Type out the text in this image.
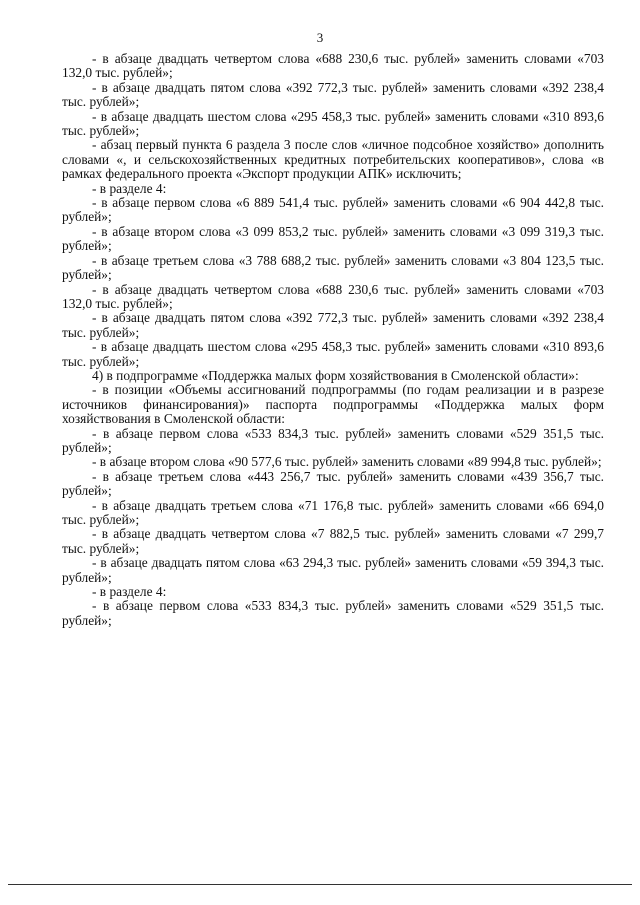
3

- в абзаце двадцать четвертом слова «688 230,6 тыс. рублей» заменить словами «703 132,0 тыс. рублей»;

- в абзаце двадцать пятом слова «392 772,3 тыс. рублей» заменить словами «392 238,4 тыс. рублей»;

- в абзаце двадцать шестом слова «295 458,3 тыс. рублей» заменить словами «310 893,6 тыс. рублей»;

- абзац первый пункта 6 раздела 3 после слов «личное подсобное хозяйство» дополнить словами «, и сельскохозяйственных кредитных потребительских кооперативов», слова «в рамках федерального проекта «Экспорт продукции АПК» исключить;

- в разделе 4:

- в абзаце первом слова «6 889 541,4 тыс. рублей» заменить словами «6 904 442,8 тыс. рублей»;

- в абзаце втором слова «3 099 853,2 тыс. рублей» заменить словами «3 099 319,3 тыс. рублей»;

- в абзаце третьем слова «3 788 688,2 тыс. рублей» заменить словами «3 804 123,5 тыс. рублей»;

- в абзаце двадцать четвертом слова «688 230,6 тыс. рублей» заменить словами «703 132,0 тыс. рублей»;

- в абзаце двадцать пятом слова «392 772,3 тыс. рублей» заменить словами «392 238,4 тыс. рублей»;

- в абзаце двадцать шестом слова «295 458,3 тыс. рублей» заменить словами «310 893,6 тыс. рублей»;

4) в подпрограмме «Поддержка малых форм хозяйствования в Смоленской области»:

- в позиции «Объемы ассигнований подпрограммы (по годам реализации и в разрезе источников финансирования)» паспорта подпрограммы «Поддержка малых форм хозяйствования в Смоленской области:

- в абзаце первом слова «533 834,3 тыс. рублей» заменить словами «529 351,5 тыс. рублей»;

- в абзаце втором слова «90 577,6 тыс. рублей» заменить словами «89 994,8 тыс. рублей»;

- в абзаце третьем слова «443 256,7 тыс. рублей» заменить словами «439 356,7 тыс. рублей»;

- в абзаце двадцать третьем слова «71 176,8 тыс. рублей» заменить словами «66 694,0 тыс. рублей»;

- в абзаце двадцать четвертом слова «7 882,5 тыс. рублей» заменить словами «7 299,7 тыс. рублей»;

- в абзаце двадцать пятом слова «63 294,3 тыс. рублей» заменить словами «59 394,3 тыс. рублей»;

- в разделе 4:

- в абзаце первом слова «533 834,3 тыс. рублей» заменить словами «529 351,5 тыс. рублей»;
